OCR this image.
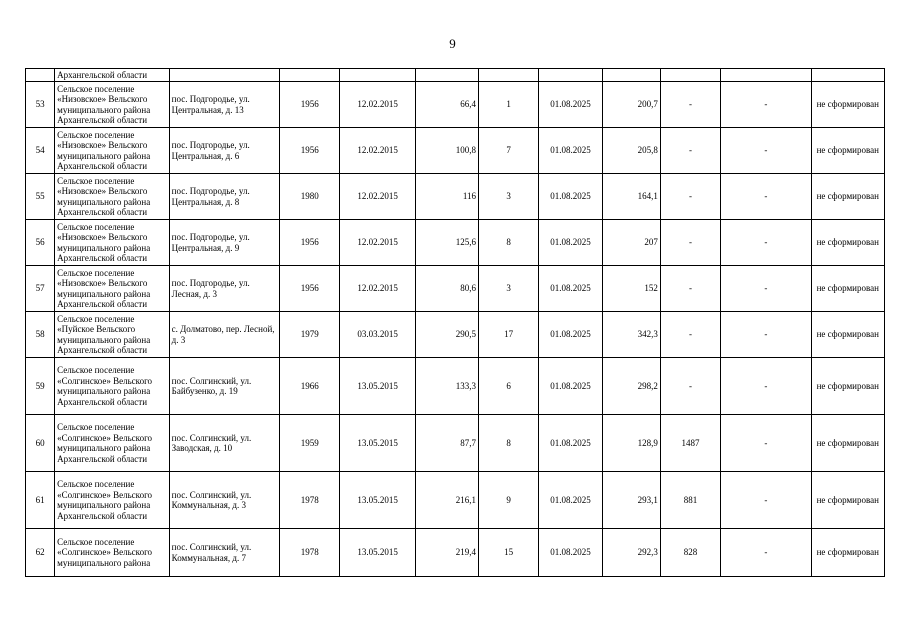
9
	Архангельской области										
53	Сельское поселение «Низовское» Вельского муниципального района Архангельской области	пос. Подгородье, ул. Центральная, д. 13	1956	12.02.2015	66,4	1	01.08.2025	200,7	-	-	не сформирован
54	Сельское поселение «Низовское» Вельского муниципального района Архангельской области	пос. Подгородье, ул. Центральная, д. 6	1956	12.02.2015	100,8	7	01.08.2025	205,8	-	-	не сформирован
55	Сельское поселение «Низовское» Вельского муниципального района Архангельской области	пос. Подгородье, ул. Центральная, д. 8	1980	12.02.2015	116	3	01.08.2025	164,1	-	-	не сформирован
56	Сельское поселение «Низовское» Вельского муниципального района Архангельской области	пос. Подгородье, ул. Центральная, д. 9	1956	12.02.2015	125,6	8	01.08.2025	207	-	-	не сформирован
57	Сельское поселение «Низовское» Вельского муниципального района Архангельской области	пос. Подгородье, ул. Лесная, д. 3	1956	12.02.2015	80,6	3	01.08.2025	152	-	-	не сформирован
58	Сельское поселение «Пуйское Вельского муниципального района Архангельской области	с. Долматово, пер. Лесной, д. 3	1979	03.03.2015	290,5	17	01.08.2025	342,3	-	-	не сформирован
59	Сельское поселение «Солгинское» Вельского муниципального района Архангельской области	пос. Солгинский, ул. Байбузенко, д. 19	1966	13.05.2015	133,3	6	01.08.2025	298,2	-	-	не сформирован
60	Сельское поселение «Солгинское» Вельского муниципального района Архангельской области	пос. Солгинский, ул. Заводская, д. 10	1959	13.05.2015	87,7	8	01.08.2025	128,9	1487	-	не сформирован
61	Сельское поселение «Солгинское» Вельского муниципального района Архангельской области	пос. Солгинский, ул. Коммунальная, д. 3	1978	13.05.2015	216,1	9	01.08.2025	293,1	881	-	не сформирован
62	Сельское поселение «Солгинское» Вельского муниципального района	пос. Солгинский, ул. Коммунальная, д. 7	1978	13.05.2015	219,4	15	01.08.2025	292,3	828	-	не сформирован
